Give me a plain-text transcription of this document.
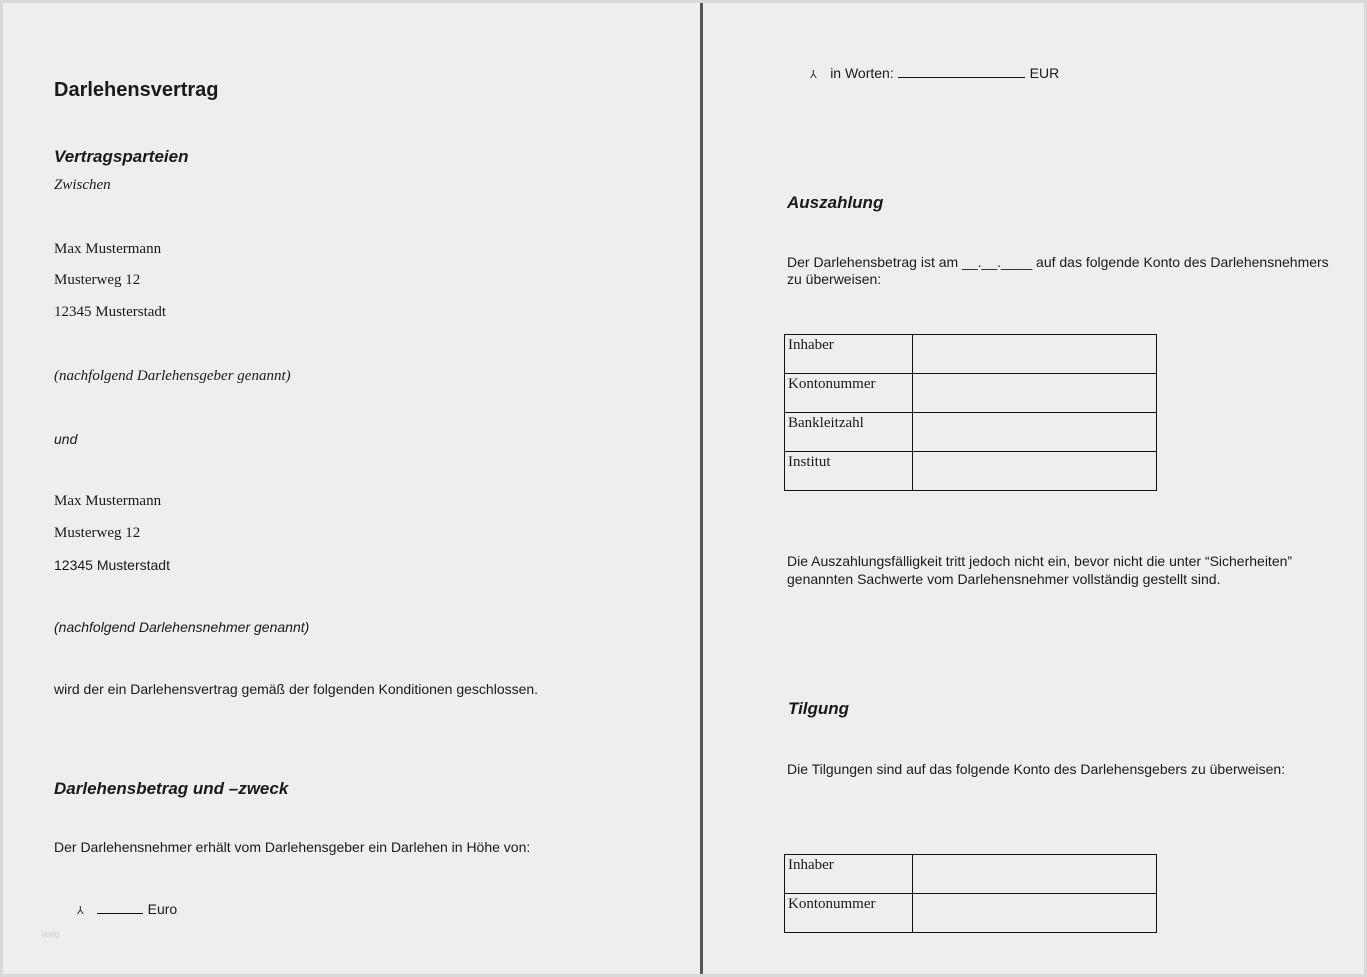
Darlehensvertrag
Vertragsparteien
Zwischen
Max Mustermann
Musterweg 12
12345 Musterstadt
(nachfolgend Darlehensgeber genannt)
und
Max Mustermann
Musterweg 12
12345 Musterstadt
(nachfolgend Darlehensnehmer genannt)
wird der ein Darlehensvertrag gemäß der folgenden Konditionen geschlossen.
Darlehensbetrag und –zweck
Der Darlehensnehmer erhält vom Darlehensgeber ein Darlehen in Höhe von:
⅄	Euro
Vorlg
⅄ in Worten:	EUR
Auszahlung
Der Darlehensbetrag ist am __.__.____ auf das folgende Konto des Darlehensnehmers zu überweisen:
Inhaber	
Kontonummer	
Bankleitzahl	
Institut	
Die Auszahlungsfälligkeit tritt jedoch nicht ein, bevor nicht die unter “Sicherheiten” genannten Sachwerte vom Darlehensnehmer vollständig gestellt sind.
Tilgung
Die Tilgungen sind auf das folgende Konto des Darlehensgebers zu überweisen:
Inhaber	
Kontonummer	
